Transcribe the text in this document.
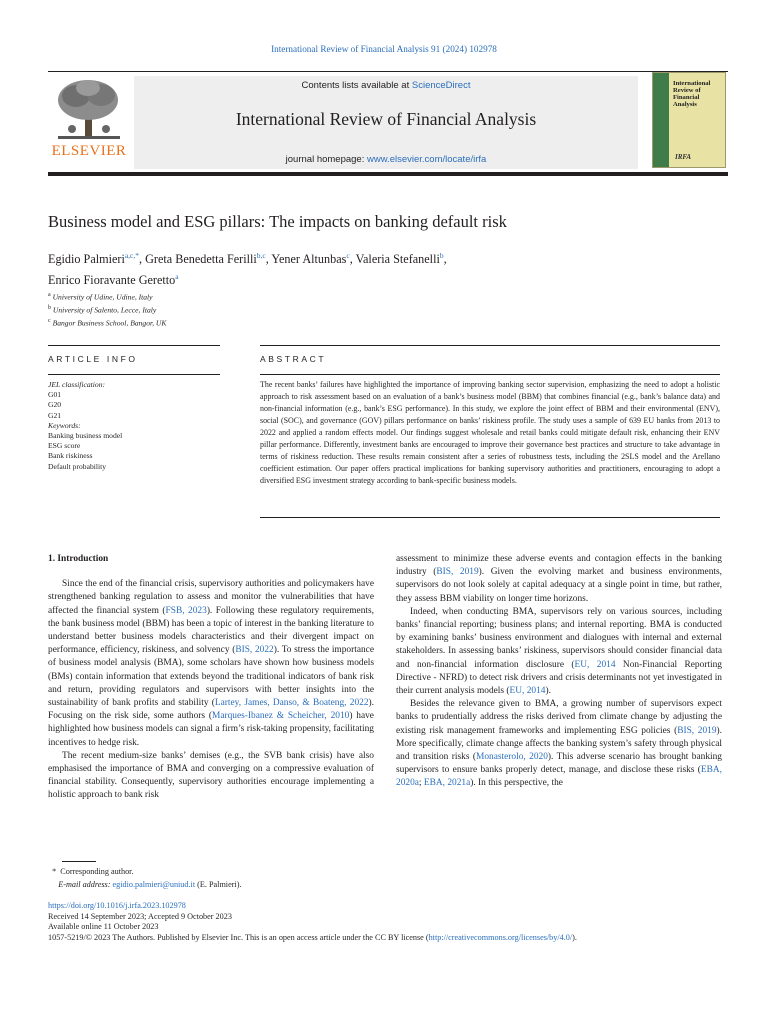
International Review of Financial Analysis 91 (2024) 102978
ELSEVIER
Contents lists available at ScienceDirect
International Review of Financial Analysis
journal homepage: www.elsevier.com/locate/irfa
International Review of Financial Analysis
IRFA
Business model and ESG pillars: The impacts on banking default risk
Egidio Palmieri$^{a,c,*}$, Greta Benedetta Ferilli$^{b,c}$, Yener Altunbas$^c$, Valeria Stefanelli$^b$,
Enrico Fioravante Geretto$^a$
$^a$ University of Udine, Udine, Italy
$^b$ University of Salento, Lecce, Italy
$^c$ Bangor Business School, Bangor, UK
ARTICLE INFO	ABSTRACT
JEL classification:
G01
G20
G21
Keywords:
Banking business model
ESG score
Bank riskiness
Default probability
The recent banks’ failures have highlighted the importance of improving banking sector supervision, emphasizing the need to adopt a holistic approach to risk assessment based on an evaluation of a bank’s business model (BBM) that combines financial (e.g., bank’s balance data) and non-financial information (e.g., bank’s ESG performance). In this study, we explore the joint effect of BBM and their environmental (ENV), social (SOC), and governance (GOV) pillars performance on banks’ riskiness profile. The study uses a sample of 639 EU banks from 2013 to 2022 and applied a random effects model. Our findings suggest wholesale and retail banks could mitigate default risk, enhancing their ENV pillar performance. Differently, investment banks are encouraged to improve their governance best practices and structure to take advantage in terms of riskiness reduction. These results remain consistent after a series of robustness tests, including the 2SLS model and the Arellano coefficient estimation. Our paper offers practical implications for banking supervisory authorities and practitioners, encouraging to adopt a diversified ESG investment strategy according to bank-specific business models.
1. Introduction

Since the end of the financial crisis, supervisory authorities and policymakers have strengthened banking regulation to assess and monitor the vulnerabilities that have affected the financial system (FSB, 2023). Following these regulatory requirements, the bank business model (BBM) has been a topic of interest in the banking literature to understand better business models characteristics and their divergent impact on performance, efficiency, riskiness, and solvency (BIS, 2022). To stress the importance of business model analysis (BMA), some scholars have shown how business models (BMs) contain information that extends beyond the traditional indicators of bank risk and return, providing regulators and supervisors with better insights into the sustainability of bank profits and stability (Lartey, James, Danso, & Boateng, 2022). Focusing on the risk side, some authors (Marques-Ibanez & Scheicher, 2010) have highlighted how business models can signal a firm’s risk-taking propensity, facilitating incentives to hedge risk.

The recent medium-size banks’ demises (e.g., the SVB bank crisis) have also emphasised the importance of BMA and converging on a compressive evaluation of financial stability. Consequently, supervisory authorities encourage implementing a holistic approach to bank risk

assessment to minimize these adverse events and contagion effects in the banking industry (BIS, 2019). Given the evolving market and business environments, supervisors do not look solely at capital adequacy at a single point in time, but rather, they assess BBM viability on longer time horizons.

Indeed, when conducting BMA, supervisors rely on various sources, including banks’ financial reporting; business plans; and internal reporting. BMA is conducted by examining banks’ business environment and dialogues with internal and external stakeholders. In assessing banks’ riskiness, supervisors should consider financial data and non-financial information disclosure (EU, 2014 Non-Financial Reporting Directive - NFRD) to detect risk drivers and crisis determinants not yet investigated in their current analysis models (EU, 2014).

Besides the relevance given to BMA, a growing number of supervisors expect banks to prudentially address the risks derived from climate change by adjusting the existing risk management frameworks and implementing ESG policies (BIS, 2019). More specifically, climate change affects the banking system’s safety through physical and transition risks (Monasterolo, 2020). This adverse scenario has brought banking supervisors to ensure banks properly detect, manage, and disclose these risks (EBA, 2020a; EBA, 2021a). In this perspective, the

* Corresponding author.
E-mail address: egidio.palmieri@uniud.it (E. Palmieri).
https://doi.org/10.1016/j.irfa.2023.102978
Received 14 September 2023; Accepted 9 October 2023
Available online 11 October 2023
1057-5219/© 2023 The Authors. Published by Elsevier Inc. This is an open access article under the CC BY license (http://creativecommons.org/licenses/by/4.0/).
